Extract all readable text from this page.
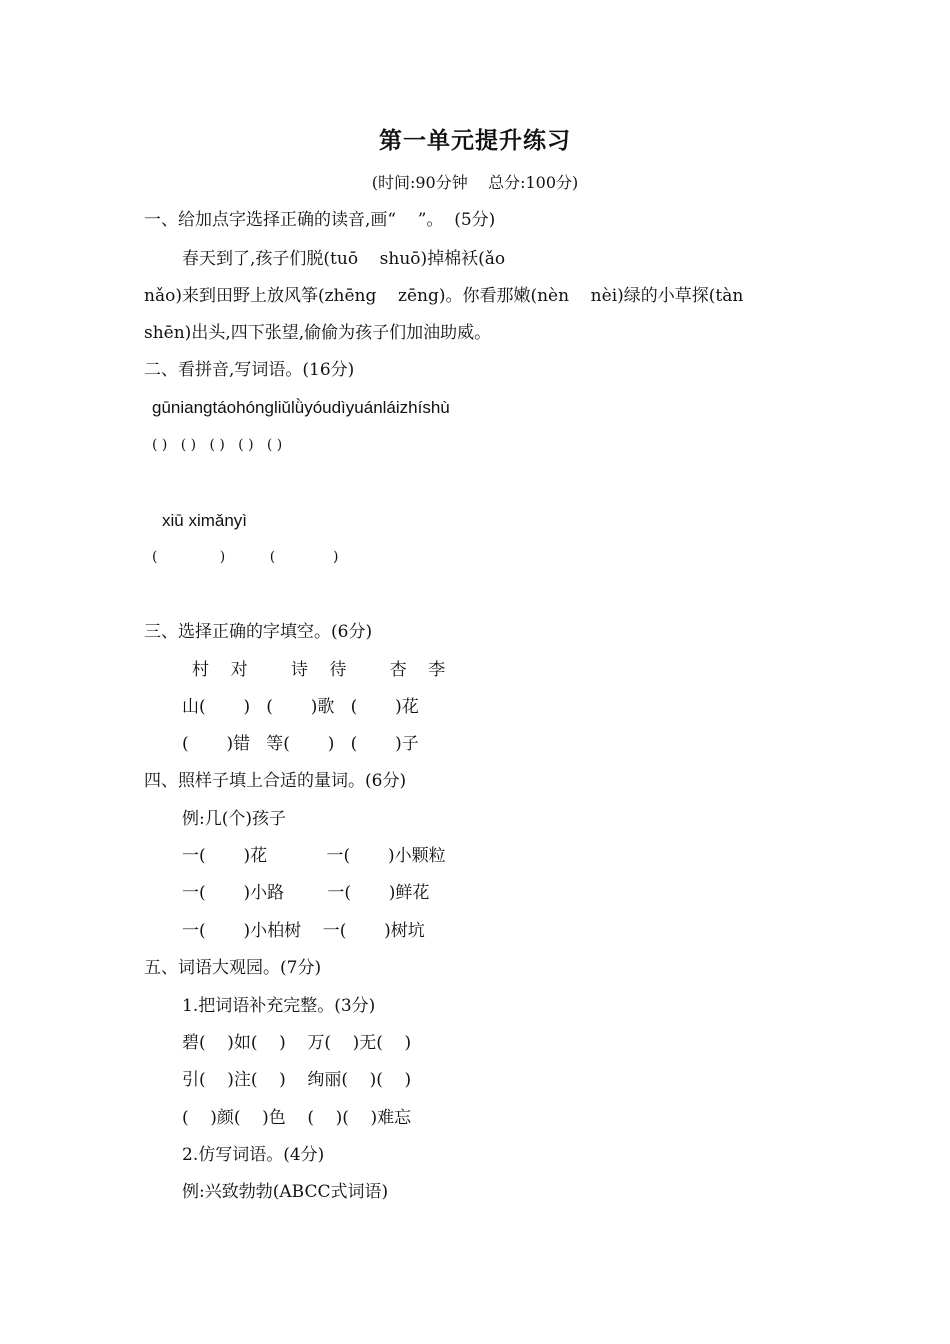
第一单元提升练习
(时间:90分钟    总分:100分)
一、给加点字选择正确的读音,画“    ”。  (5分)
春天到了,孩子们脱(tuō    shuō)掉棉袄(ǎo
nǎo)来到田野上放风筝(zhēng    zēng)。你看那嫩(nèn    nèi)绿的小草探(tàn
shēn)出头,四下张望,偷偷为孩子们加油助威。
二、看拼音,写词语。(16分)
gūniangtáohóngliǔlǜyóudìyuánláizhíshù
( )   ( )   ( )   ( )   ( )
xiū ximǎnyì
(              )          (             )
三、选择正确的字填空。(6分)
村    对        诗    待        杏    李
山(       )   (       )歌   (       )花
(       )错   等(       )   (       )子
四、照样子填上合适的量词。(6分)
例:几(个)孩子
一(       )花           一(       )小颗粒
一(       )小路        一(       )鲜花
一(       )小柏树    一(       )树坑
五、词语大观园。(7分)
1.把词语补充完整。(3分)
碧(    )如(    )    万(    )无(    )
引(    )注(    )    绚丽(    )(    )
(    )颜(    )色    (    )(    )难忘
2.仿写词语。(4分)
例:兴致勃勃(ABCC式词语)
